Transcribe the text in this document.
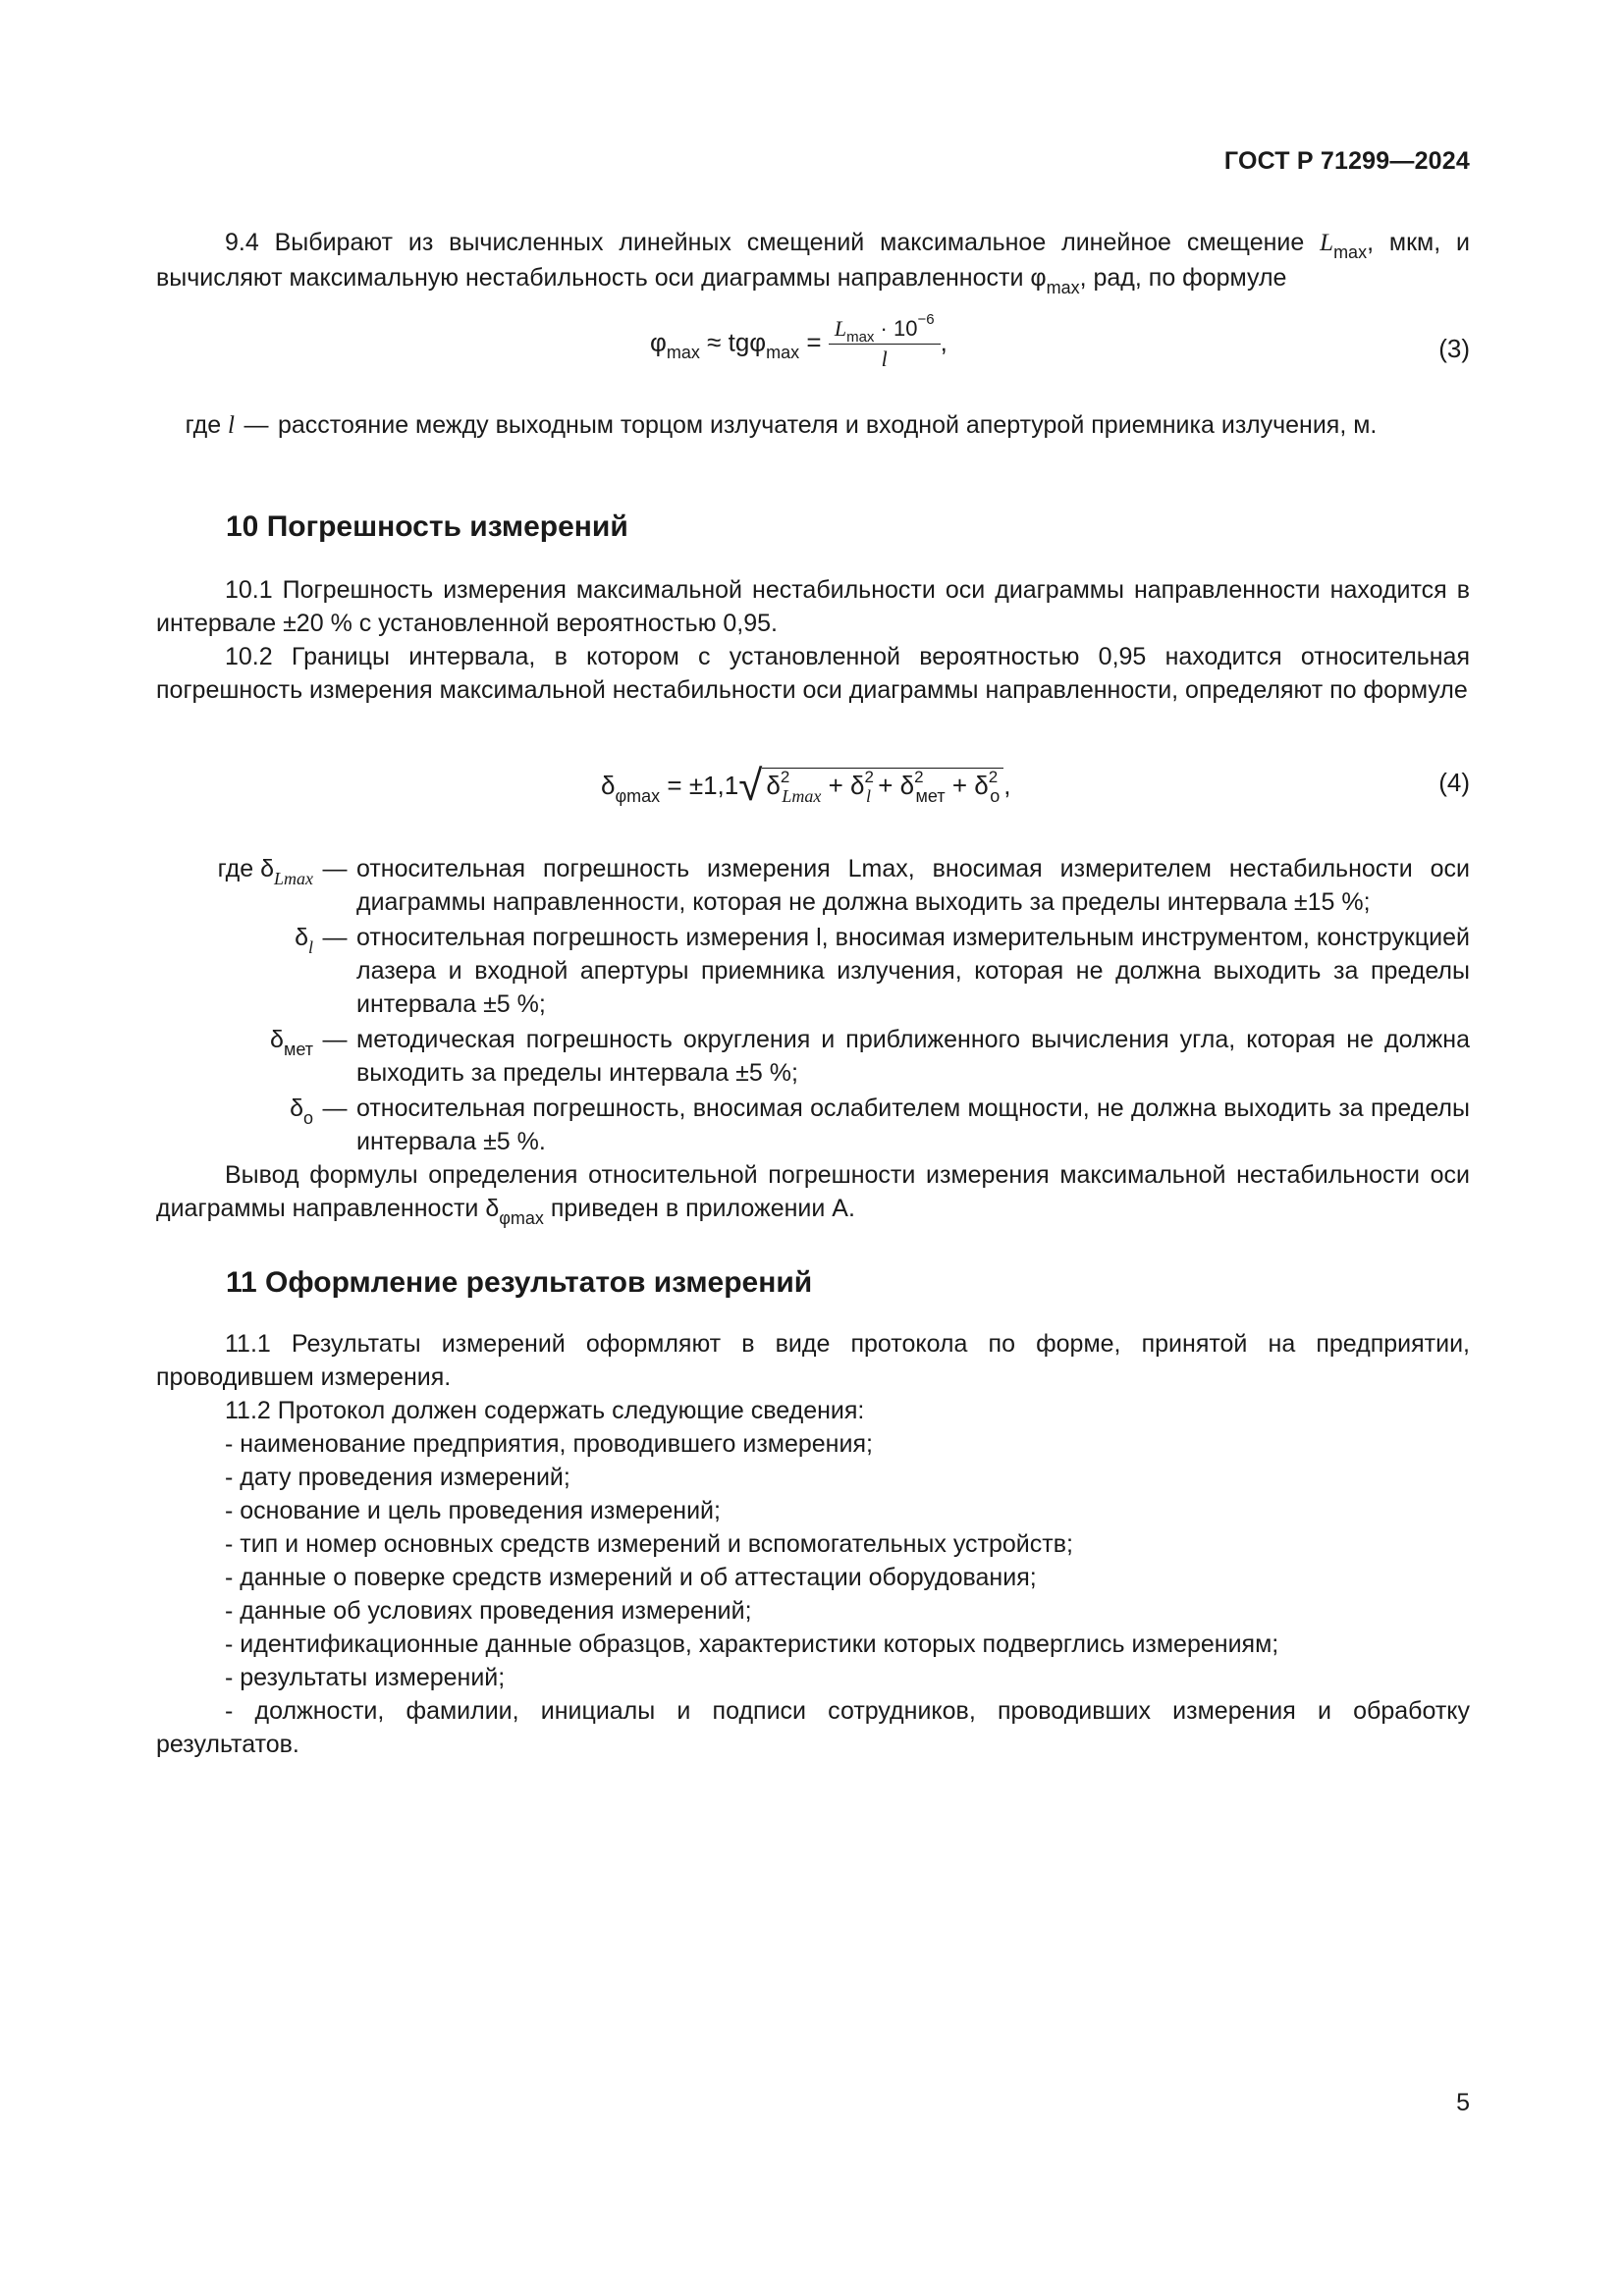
ГОСТ Р 71299—2024
9.4 Выбирают из вычисленных линейных смещений максимальное линейное смещение $L_{max}$, мкм, и вычисляют максимальную нестабильность оси диаграммы направленности $\varphi_{max}$, рад, по формуле
$\varphi_{max} \approx tg\varphi_{max} = \frac{L_{max} \cdot 10^{-6}}{l}$ ,	(3)
где l — расстояние между выходным торцом излучателя и входной апертурой приемника излучения, м.
10 Погрешность измерений
10.1 Погрешность измерения максимальной нестабильности оси диаграммы направленности находится в интервале ±20 % с установленной вероятностью 0,95.
10.2 Границы интервала, в котором с установленной вероятностью 0,95 находится относительная погрешность измерения максимальной нестабильности оси диаграммы направленности, определяют по формуле
$\delta_{\varphi max} = \pm 1,1√$ $\delta^2_{Lmax} + \delta^2_l + \delta^2_{мет} + \delta^2_о$ ,	(4)
где $\delta_{Lmax}$ — относительная погрешность измерения Lmax, вносимая измерителем нестабильности оси диаграммы направленности, которая не должна выходить за пределы интервала ±15 %;
$\delta_l$ — относительная погрешность измерения l, вносимая измерительным инструментом, конструкцией лазера и входной апертуры приемника излучения, которая не должна выходить за пределы интервала ±5 %;
$\delta_{мет}$ — методическая погрешность округления и приближенного вычисления угла, которая не должна выходить за пределы интервала ±5 %;
$\delta_о$ — относительная погрешность, вносимая ослабителем мощности, не должна выходить за пределы интервала ±5 %.
Вывод формулы определения относительной погрешности измерения максимальной нестабильности оси диаграммы направленности $\delta_{\varphi max}$ приведен в приложении А.
11 Оформление результатов измерений
11.1 Результаты измерений оформляют в виде протокола по форме, принятой на предприятии, проводившем измерения.
11.2 Протокол должен содержать следующие сведения:
- наименование предприятия, проводившего измерения;
- дату проведения измерений;
- основание и цель проведения измерений;
- тип и номер основных средств измерений и вспомогательных устройств;
- данные о поверке средств измерений и об аттестации оборудования;
- данные об условиях проведения измерений;
- идентификационные данные образцов, характеристики которых подверглись измерениям;
- результаты измерений;
- должности, фамилии, инициалы и подписи сотрудников, проводивших измерения и обработку результатов.
5
